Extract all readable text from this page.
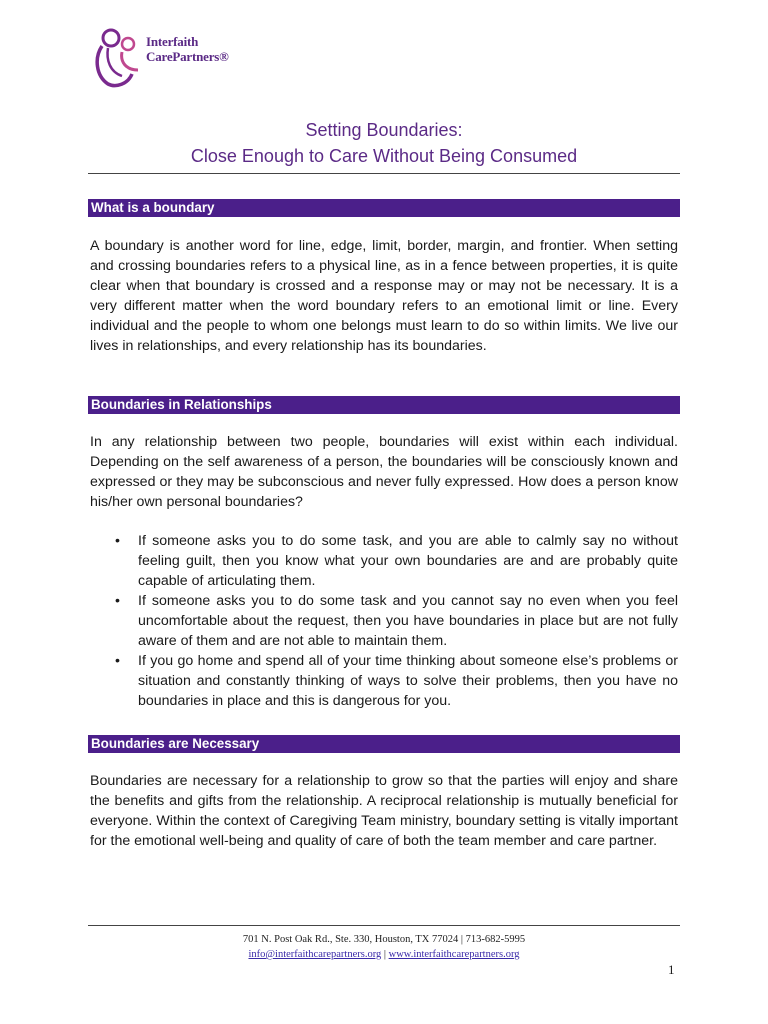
Interfaith
CarePartners®
Setting Boundaries:
Close Enough to Care Without Being Consumed
What is a boundary
A boundary is another word for line, edge, limit, border, margin, and frontier. When setting and crossing boundaries refers to a physical line, as in a fence between properties, it is quite clear when that boundary is crossed and a response may or may not be necessary. It is a very different matter when the word boundary refers to an emotional limit or line. Every individual and the people to whom one belongs must learn to do so within limits. We live our lives in relationships, and every relationship has its boundaries.
Boundaries in Relationships
In any relationship between two people, boundaries will exist within each individual. Depending on the self awareness of a person, the boundaries will be consciously known and expressed or they may be subconscious and never fully expressed. How does a person know his/her own personal boundaries?
• If someone asks you to do some task, and you are able to calmly say no without feeling guilt, then you know what your own boundaries are and are probably quite capable of articulating them.
• If someone asks you to do some task and you cannot say no even when you feel uncomfortable about the request, then you have boundaries in place but are not fully aware of them and are not able to maintain them.
• If you go home and spend all of your time thinking about someone else’s problems or situation and constantly thinking of ways to solve their problems, then you have no boundaries in place and this is dangerous for you.
Boundaries are Necessary
Boundaries are necessary for a relationship to grow so that the parties will enjoy and share the benefits and gifts from the relationship. A reciprocal relationship is mutually beneficial for everyone. Within the context of Caregiving Team ministry, boundary setting is vitally important for the emotional well-being and quality of care of both the team member and care partner.
701 N. Post Oak Rd., Ste. 330, Houston, TX 77024 | 713-682-5995
info@interfaithcarepartners.org | www.interfaithcarepartners.org
1
